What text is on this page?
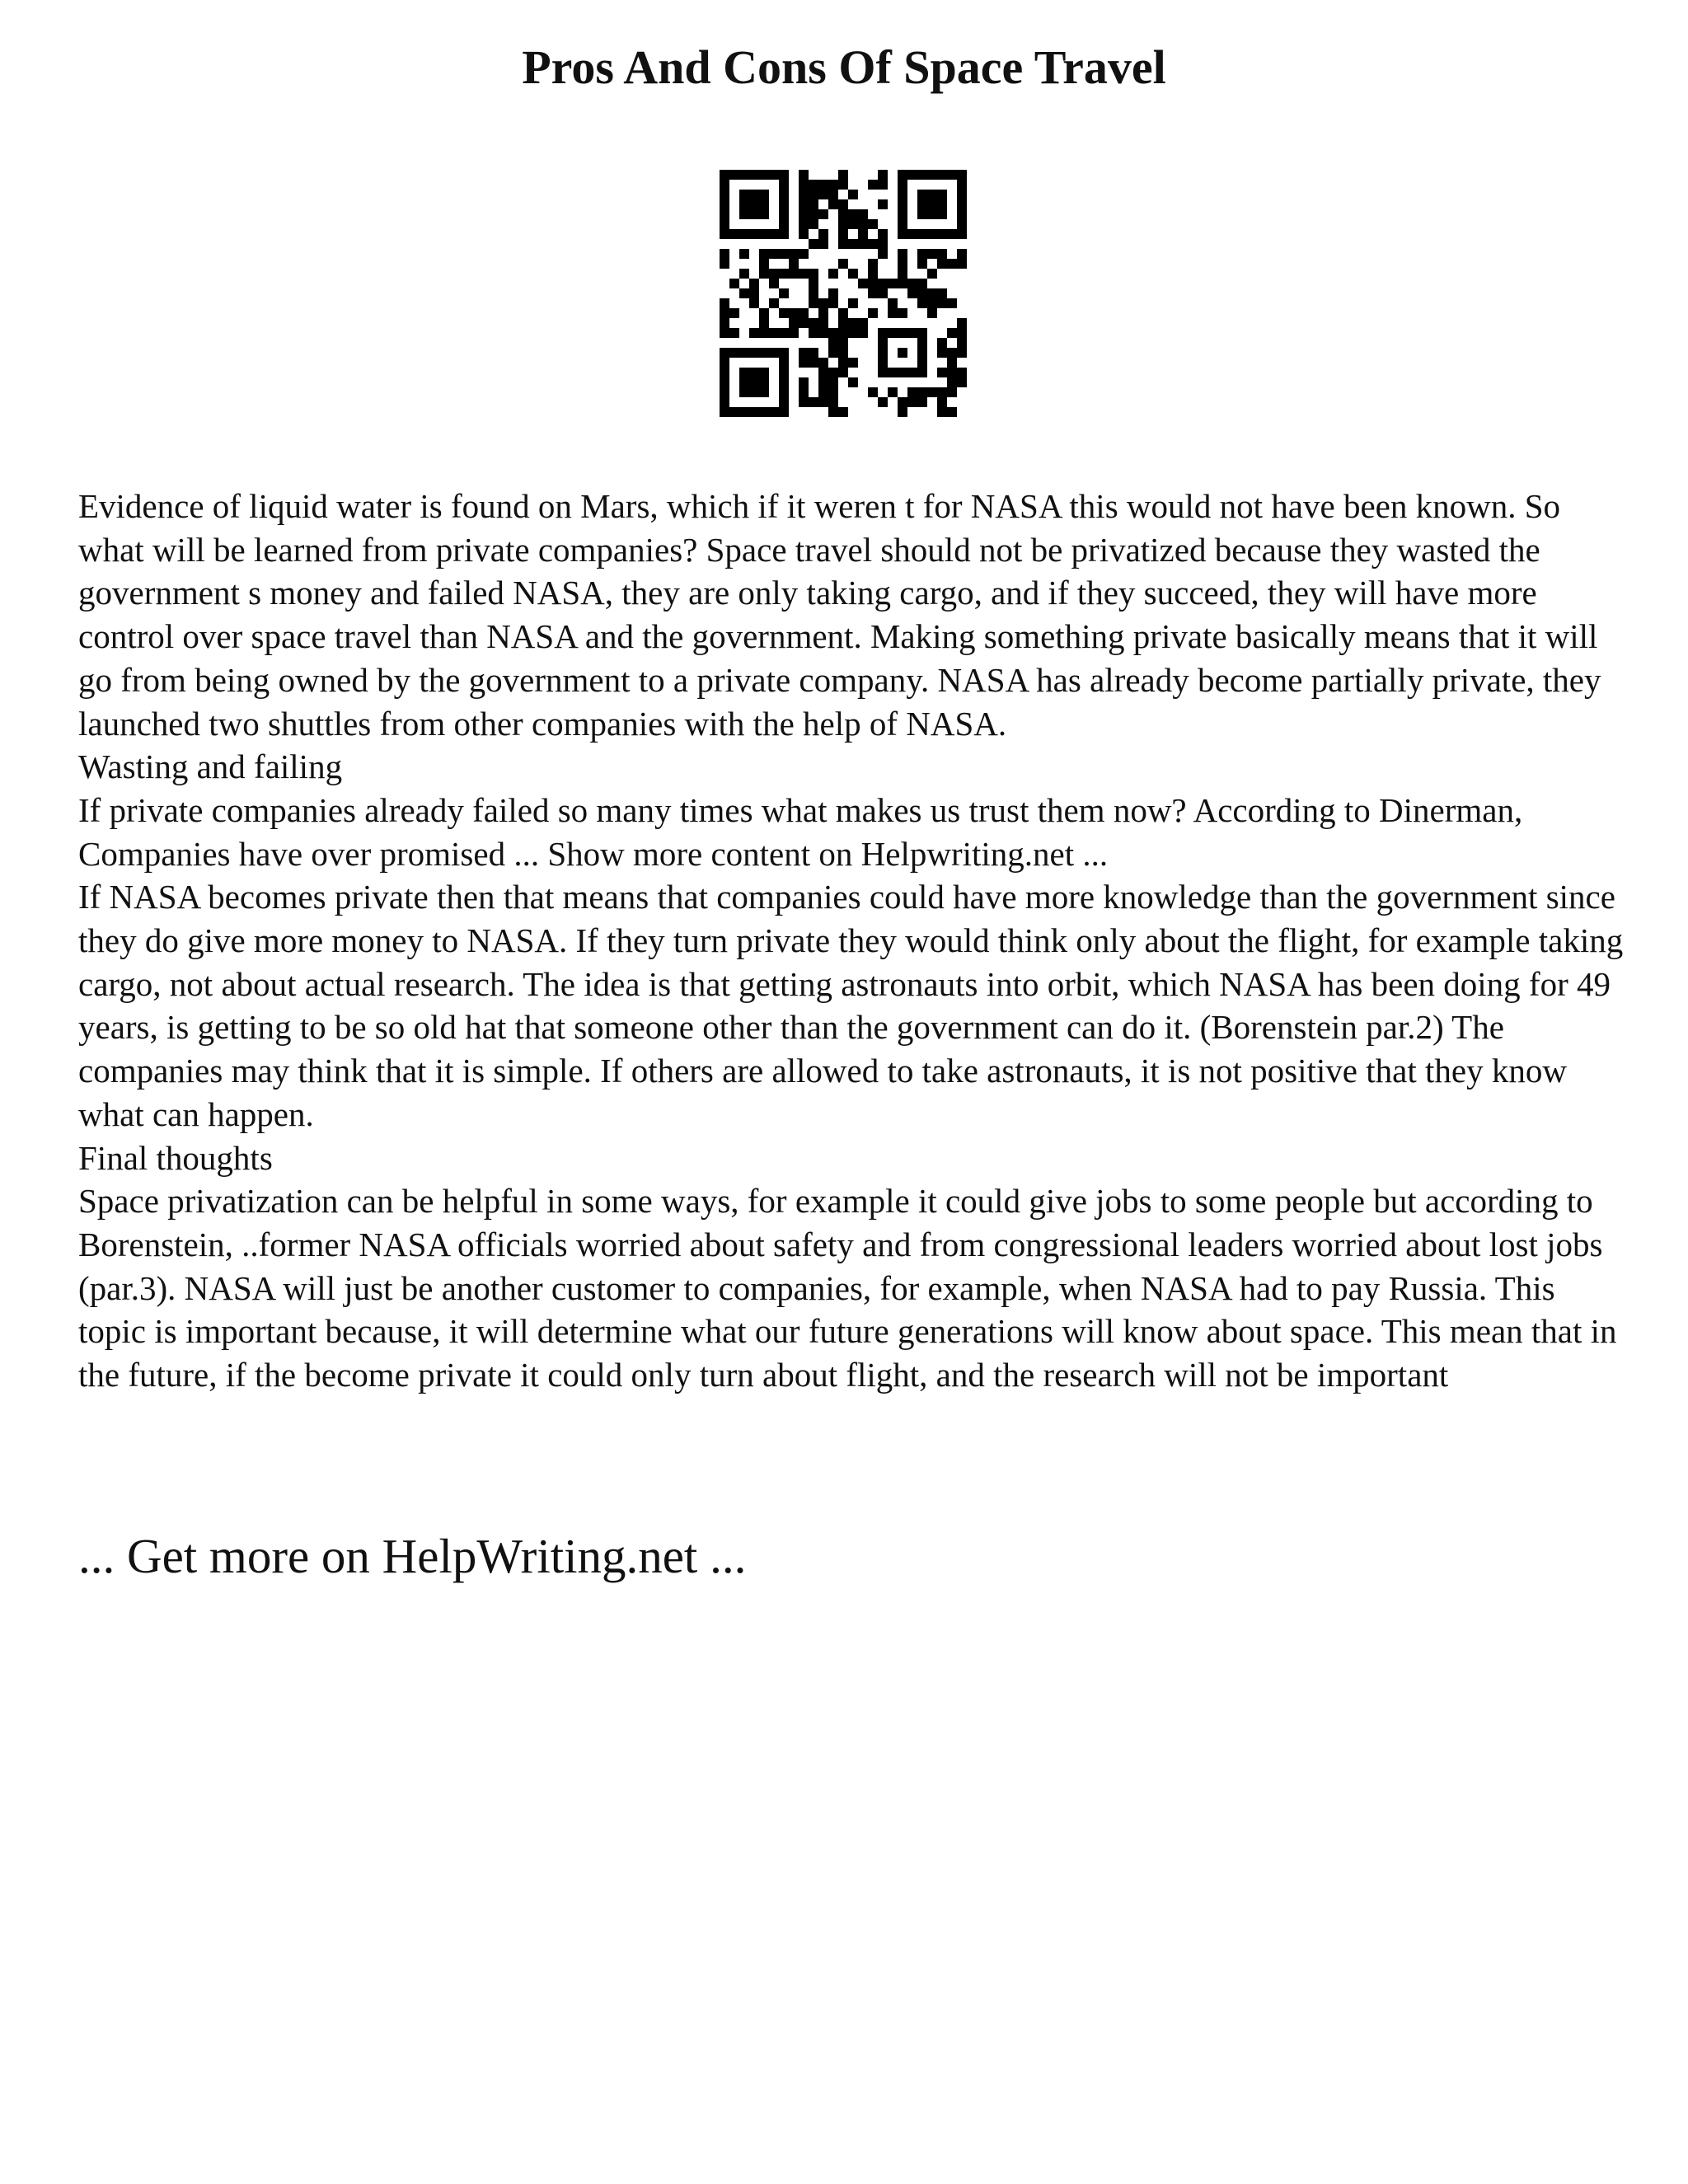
Pros And Cons Of Space Travel

Evidence of liquid water is found on Mars, which if it weren t for NASA this would not have been known. So what will be learned from private companies? Space travel should not be privatized because they wasted the government s money and failed NASA, they are only taking cargo, and if they succeed, they will have more control over space travel than NASA and the government. Making something private basically means that it will go from being owned by the government to a private company. NASA has already become partially private, they launched two shuttles from other companies with the help of NASA.

Wasting and failing

If private companies already failed so many times what makes us trust them now? According to Dinerman, Companies have over promised ... Show more content on Helpwriting.net ...

If NASA becomes private then that means that companies could have more knowledge than the government since they do give more money to NASA. If they turn private they would think only about the flight, for example taking cargo, not about actual research. The idea is that getting astronauts into orbit, which NASA has been doing for 49 years, is getting to be so old hat that someone other than the government can do it. (Borenstein par.2) The companies may think that it is simple. If others are allowed to take astronauts, it is not positive that they know what can happen.

Final thoughts

Space privatization can be helpful in some ways, for example it could give jobs to some people but according to Borenstein, ..former NASA officials worried about safety and from congressional leaders worried about lost jobs (par.3). NASA will just be another customer to companies, for example, when NASA had to pay Russia. This topic is important because, it will determine what our future generations will know about space. This mean that in the future, if the become private it could only turn about flight, and the research will not be important

... Get more on HelpWriting.net ...
